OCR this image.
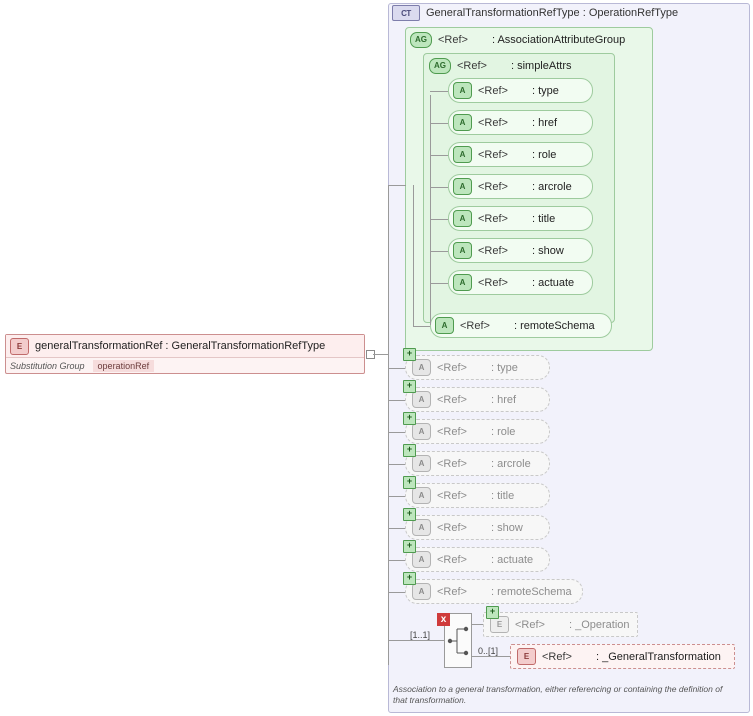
CT	GeneralTransformationRefType : OperationRefType
AG	<Ref> : AssociationAttributeGroup
AG	<Ref> : simpleAttrs
A	<Ref> : type
A	<Ref> : href
A	<Ref> : role
A	<Ref> : arcrole
A	<Ref> : title
A	<Ref> : show
A	<Ref> : actuate
A	<Ref> : remoteSchema
+
A	<Ref> : type
+
A	<Ref> : href
+
A	<Ref> : role
+
A	<Ref> : arcrole
+
A	<Ref> : title
+
A	<Ref> : show
+
A	<Ref> : actuate
+
A	<Ref> : remoteSchema
E	generalTransformationRef : GeneralTransformationRefType
Substitution Group	operationRef
x
[1..1]
+
E	<Ref> : _Operation
0..[1]
E	<Ref> : _GeneralTransformation
Association to a general transformation, either referencing or containing the definition of that transformation.
